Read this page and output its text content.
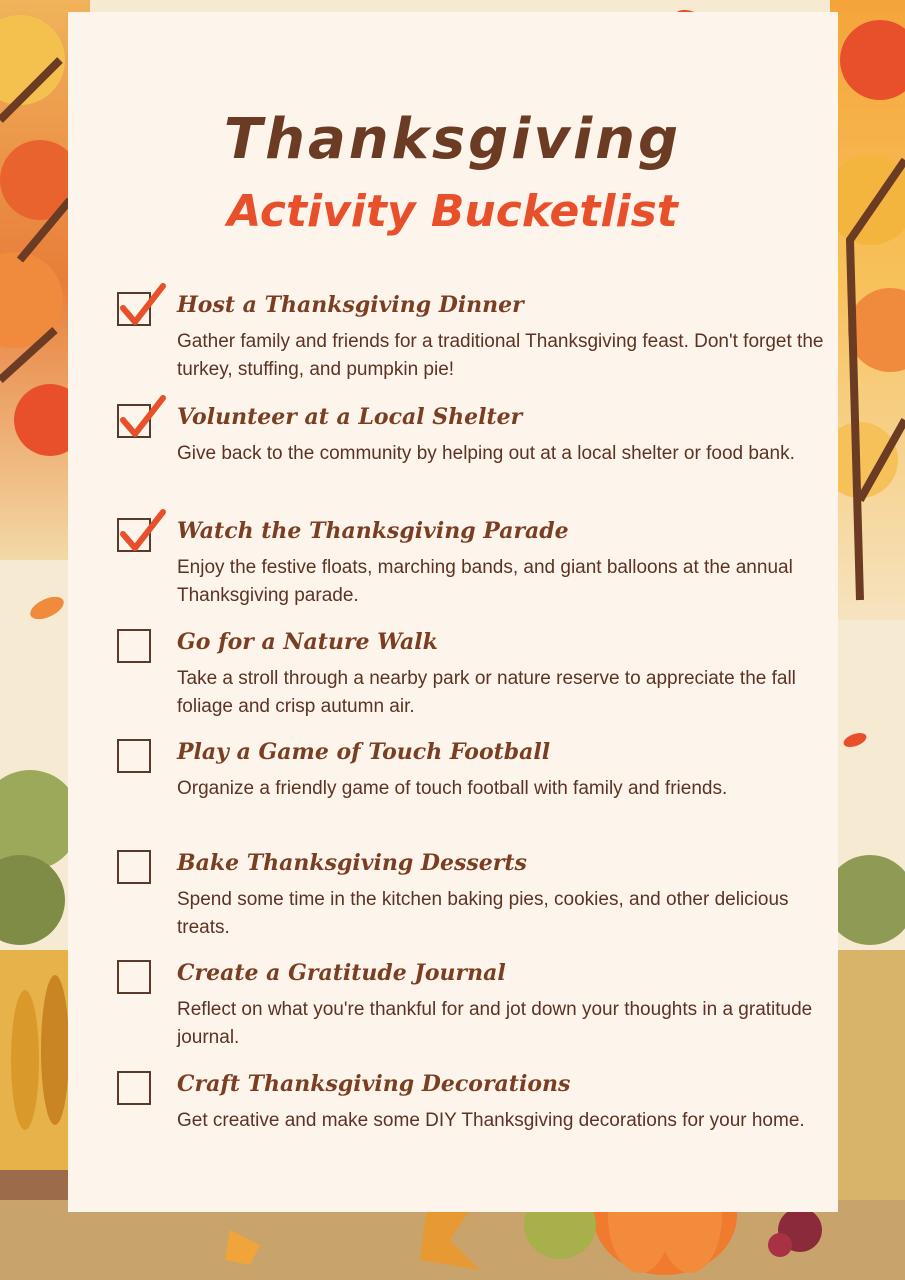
Thanksgiving
Activity Bucketlist
Host a Thanksgiving Dinner
Gather family and friends for a traditional Thanksgiving feast. Don't forget the turkey, stuffing, and pumpkin pie!
Volunteer at a Local Shelter
Give back to the community by helping out at a local shelter or food bank.
Watch the Thanksgiving Parade
Enjoy the festive floats, marching bands, and giant balloons at the annual Thanksgiving parade.
Go for a Nature Walk
Take a stroll through a nearby park or nature reserve to appreciate the fall foliage and crisp autumn air.
Play a Game of Touch Football
Organize a friendly game of touch football with family and friends.
Bake Thanksgiving Desserts
Spend some time in the kitchen baking pies, cookies, and other delicious treats.
Create a Gratitude Journal
Reflect on what you're thankful for and jot down your thoughts in a gratitude journal.
Craft Thanksgiving Decorations
Get creative and make some DIY Thanksgiving decorations for your home.
